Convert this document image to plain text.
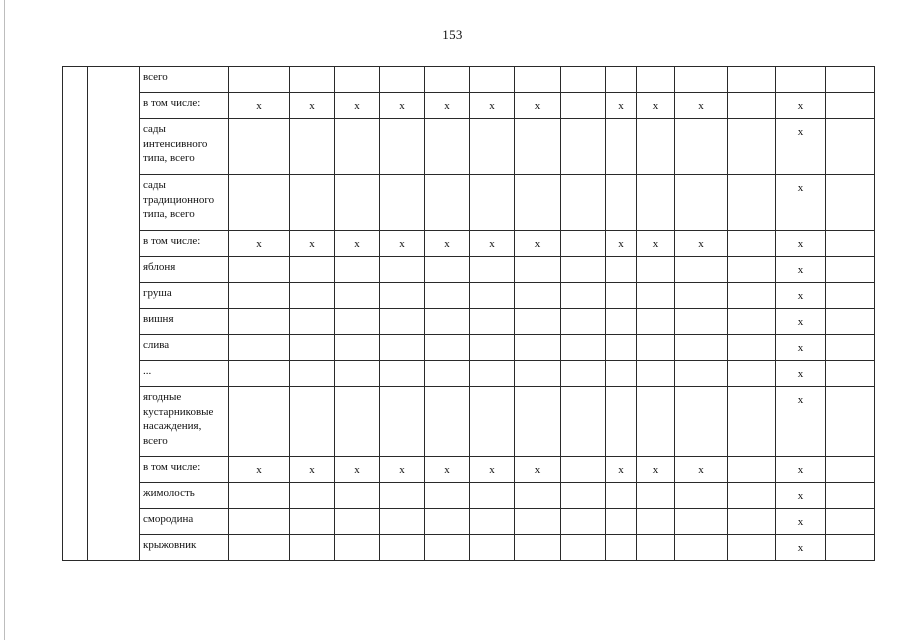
153
		всего														
		в том числе:	x	x	x	x	x	x	x		x	x	x		x	
		сады интенсивного типа, всего													x	
		сады традиционного типа, всего													x	
		в том числе:	x	x	x	x	x	x	x		x	x	x		x	
		яблоня													x	
		груша													x	
		вишня													x	
		слива													x	
		...													x	
		ягодные кустарниковые насаждения, всего													x	
		в том числе:	x	x	x	x	x	x	x		x	x	x		x	
		жимолость													x	
		смородина													x	
		крыжовник													x	
